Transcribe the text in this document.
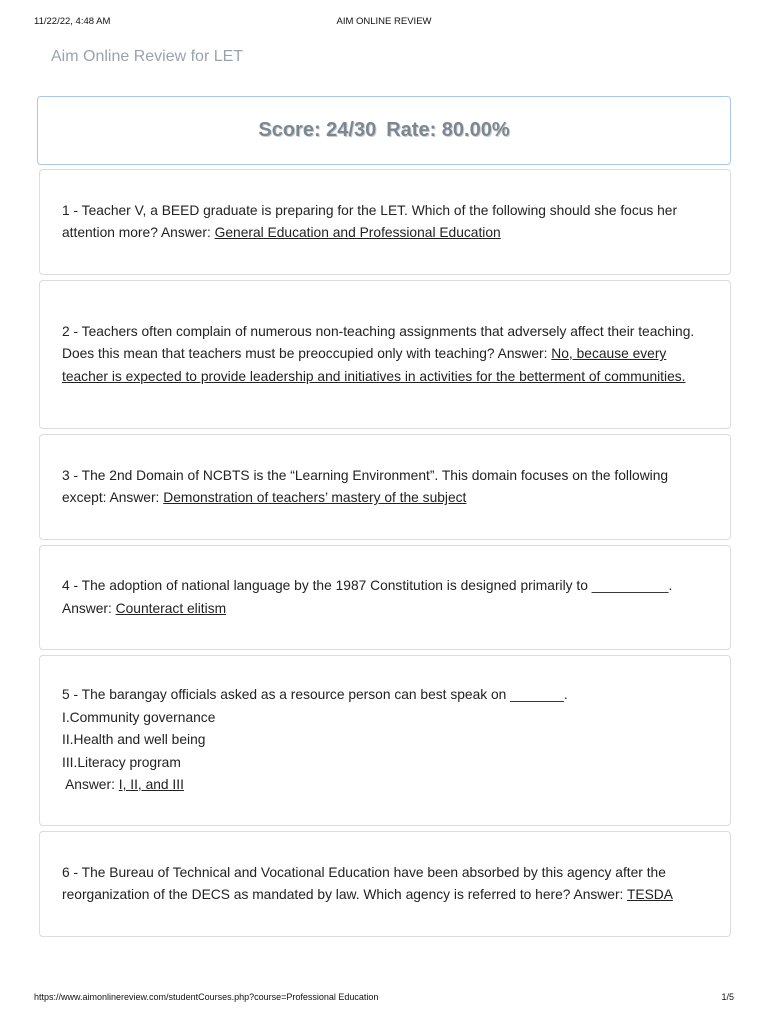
11/22/22, 4:48 AM	AIM ONLINE REVIEW
Aim Online Review for LET
Score: 24/30 Rate: 80.00%
1 - Teacher V, a BEED graduate is preparing for the LET. Which of the following should she focus her attention more? Answer: General Education and Professional Education
2 - Teachers often complain of numerous non-teaching assignments that adversely affect their teaching. Does this mean that teachers must be preoccupied only with teaching? Answer: No, because every teacher is expected to provide leadership and initiatives in activities for the betterment of communities.
3 - The 2nd Domain of NCBTS is the “Learning Environment”. This domain focuses on the following except: Answer: Demonstration of teachers’ mastery of the subject
4 - The adoption of national language by the 1987 Constitution is designed primarily to __________. Answer: Counteract elitism
5 - The barangay officials asked as a resource person can best speak on _______.
I.Community governance
II.Health and well being
III.Literacy program
Answer: I, II, and III
6 - The Bureau of Technical and Vocational Education have been absorbed by this agency after the reorganization of the DECS as mandated by law. Which agency is referred to here? Answer: TESDA
https://www.aimonlinereview.com/studentCourses.php?course=Professional Education	1/5
